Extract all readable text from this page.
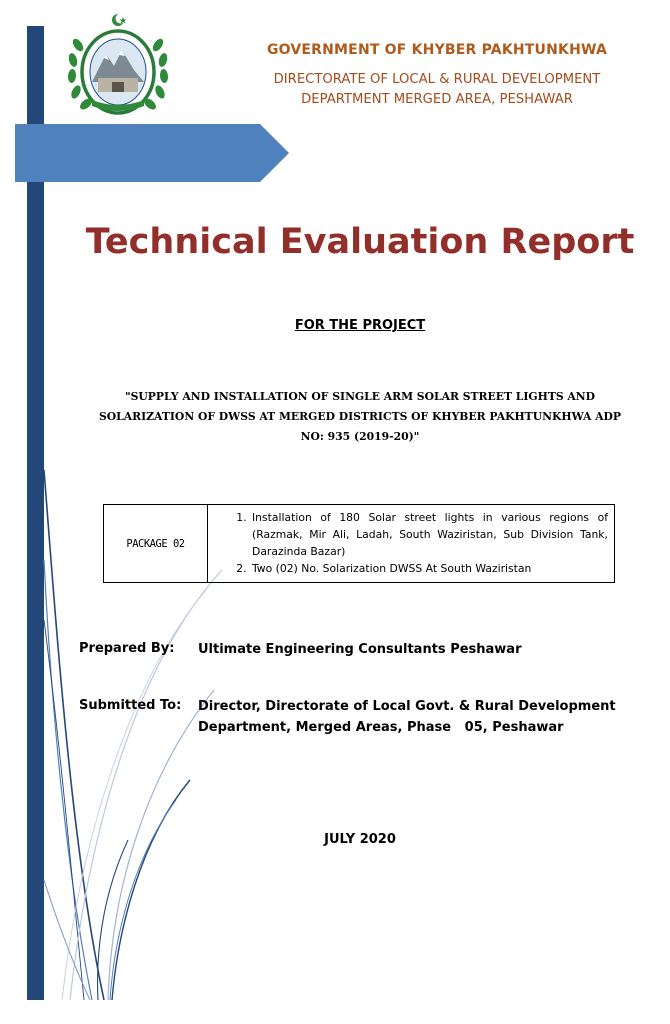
GOVERNMENT OF KHYBER PAKHTUNKHWA
DIRECTORATE OF LOCAL & RURAL DEVELOPMENT
DEPARTMENT MERGED AREA, PESHAWAR
Technical Evaluation Report
FOR THE PROJECT
"SUPPLY AND INSTALLATION OF SINGLE ARM SOLAR STREET LIGHTS AND
SOLARIZATION OF DWSS AT MERGED DISTRICTS OF KHYBER PAKHTUNKHWA ADP
NO: 935 (2019-20)"
PACKAGE 02
1. Installation of 180 Solar street lights in various regions of (Razmak, Mir Ali, Ladah, South Waziristan, Sub Division Tank, Darazinda Bazar)
2. Two (02) No. Solarization DWSS At South Waziristan
Prepared By: Ultimate Engineering Consultants Peshawar
Submitted To: Director, Directorate of Local Govt. & Rural Development
Department, Merged Areas, Phase   05, Peshawar
JULY 2020
